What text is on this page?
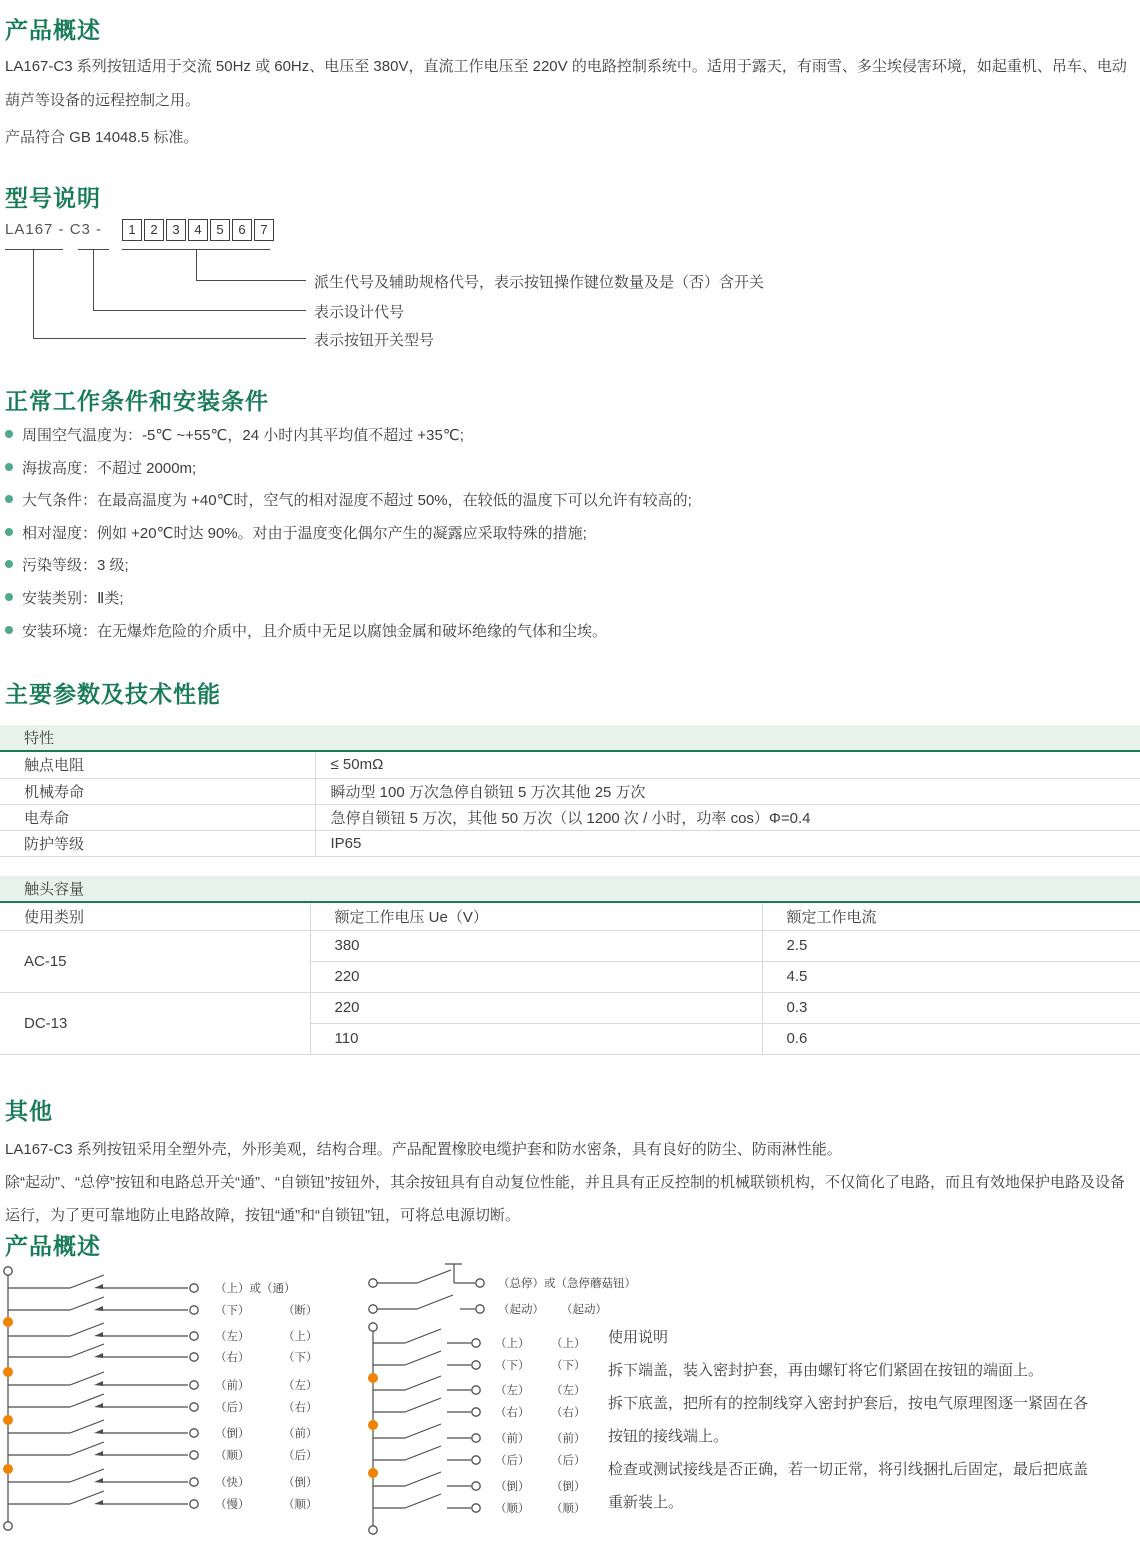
产品概述
LA167-C3 系列按钮适用于交流 50Hz 或 60Hz、电压至 380V，直流工作电压至 220V 的电路控制系统中。适用于露天，有雨雪、多尘埃侵害环境，如起重机、吊车、电动葫芦等设备的远程控制之用。
产品符合 GB 14048.5 标准。
型号说明
LA167 - C3 -	1	2	3	4	5	6	7
派生代号及辅助规格代号，表示按钮操作键位数量及是（否）含开关
表示设计代号
表示按钮开关型号
正常工作条件和安装条件
周围空气温度为：-5℃ ~+55℃，24 小时内其平均值不超过 +35℃;
海拔高度：不超过 2000m;
大气条件：在最高温度为 +40℃时，空气的相对湿度不超过 50%，在较低的温度下可以允许有较高的;
相对湿度：例如 +20℃时达 90%。对由于温度变化偶尔产生的凝露应采取特殊的措施;
污染等级：3 级;
安装类别：Ⅱ类;
安装环境：在无爆炸危险的介质中，且介质中无足以腐蚀金属和破坏绝缘的气体和尘埃。
主要参数及技术性能
特性
触点电阻	≤ 50mΩ
机械寿命	瞬动型 100 万次急停自锁钮 5 万次其他 25 万次
电寿命	急停自锁钮 5 万次，其他 50 万次（以 1200 次 / 小时，功率 cos）Φ=0.4
防护等级	IP65
触头容量
使用类别	额定工作电压 Ue（V）	额定工作电流
AC-15	380	2.5
	220	4.5
DC-13	220	0.3
	110	0.6
其他
LA167-C3 系列按钮采用全塑外壳，外形美观，结构合理。产品配置橡胶电缆护套和防水密条，具有良好的防尘、防雨淋性能。
除“起动”、“总停”按钮和电路总开关“通”、“自锁钮”按钮外，其余按钮具有自动复位性能，并且具有正反控制的机械联锁机构，不仅简化了电路，而且有效地保护电路及设备运行，为了更可靠地防止电路故障，按钮“通”和“自锁钮”钮，可将总电源切断。
产品概述
（上）或（通）
（下）	（断）
（左）	（上）
（右）	（下）
（前）	（左）
（后）	（右）
（倒）	（前）
（顺）	（后）
（快）	（倒）
（慢）	（顺）
（总停）或（急停蘑菇钮）
（起动） （起动）
（上） （上）
（下） （下）
（左） （左）
（右） （右）
（前） （前）
（后） （后）
（倒） （倒）
（顺） （顺）
使用说明
拆下端盖，装入密封护套，再由螺钉将它们紧固在按钮的端面上。
拆下底盖，把所有的控制线穿入密封护套后，按电气原理图逐一紧固在各
按钮的接线端上。
检查或测试接线是否正确，若一切正常，将引线捆扎后固定，最后把底盖
重新装上。
